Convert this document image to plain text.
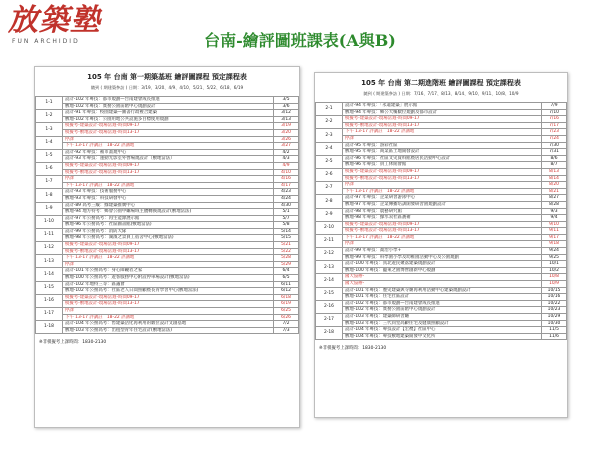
放築塾
FUN ARCHIDID	台南-繪評圖班課表(A與B)
105 年 台南 第一期築基班 繪評圖課程 預定課程表
隨到 ( 期建築參訪 ) 日期：3/19、3/20、4/9、4/10、5/21、5/22、6/18、6/19
1-1	設計-102 年專技：都市規劃—台南建會成長推進	3/5
	敷地-102 年專技：實務公園前階中心規劃設計	3/6
1-2	設計-91 年專技：校園建築—圖書行政複合建築	3/12
	敷地-102 年專技：公園用地公共設施多目標使用規劃	3/13
1-3	模擬考-建築設計-現場當週-時間09-17	3/19
	模擬考-敷地設計-現場當週-時間13-17	3/20
1-4	停課	3/26
	下午 13-17 評講註　18-22 評講地	3/27
1-5	設計-92 年專技：補市畫規中心	4/2
	設計-93 年專技：運動光影室外營場規設計（敷地當法）	4/3
1-6	模擬考-建築設計-現場當週-時間09-17	4/9
	模擬考-敷地設計-現場當週-時間13-17	4/10
1-7	停課	4/16
	下午 13-17 評講註　18-22 評講地	4/17
1-8	設計-93 年專技：技術服務中心	4/23
	敷地-93 年專技：科技研發中心	4/24
1-9	設計-89 高考三級：綠建築推廣中心	4/30
	敷地-94 地方特考：鄉會公園中繼場域主體轉換規設計(敷地當法)	5/1
1-10	設計-97 年公務高考：再生能源展示館	5/7
	敷地-96 年公務高考：社區圖書館(敷地當法)	5/8
1-11	設計-99 年公務高考：消防大隊	5/14
	敷地-98 年公務高考：湖濱之景員工宿舍中心(敷地當法)	5/15
1-12	模擬考-建築設計-現場當週-時間09-17	5/21
	模擬考-敷地設計-現場當週-時間13-17	5/22
1-13	下午 13-17 評講註　18-22 評講地	5/28
	停課	5/29
1-14	設計-101 年公務高考：身心障礙者之家	6/4
	敷地-100 年公務高考：遊客服務中心附設停車場設計(敷地當法)	6/5
1-15	設計-102 年地特三等：區議會	6/11
	敷地-102 年公務高考：社區老人日間照顧暨長青學習中心(敷地當法)	6/12
1-16	模擬考-建築設計-現場當週-時間09-17	6/18
	模擬考-敷地設計-現場當週-時間13-17	6/19
1-17	停課	6/25
	下午 13-17 評講註　18-22 評講地	6/26
1-18	設計-104 年公務高考：售建築活化再利用的數位設計文創基地	7/2
	敷地-103 年公務高考：出租型青年住宅設計(敷地當法)	7/3
※非模擬考上課時間：1830-2130
105 年 台南 第二期進階班 繪評圖課程 預定課程表
隨到 ( 期建築參訪 ) 日期：7/16、7/17、8/13、8/14、9/10、9/11、10/8、10/9
2-1	設計-94 年專技：「永遠建築」展示館	7/9
	敷地-94 年專技：鄉公大樓數位規劃及都市設計	7/10
2-2	模擬考-建築設計-現場當週-時間09-17	7/16
	模擬考-敷地設計-現場當週-時間13-17	7/17
2-3	下午 13-17 評講註　18-22 評講地	7/23
	停課	7/24
2-4	設計-95 年專技：游彩社區	7/30
	敷地-95 年專技：商業區土地開發設計	7/31
2-5	設計-96 年專技：社區文史資料館暨居民活動中心設計	8/6
	敷地-96 年專技：員工休閒會館	8/7
2-6	模擬考-建築設計-現場當週-時間09-17	8/13
	模擬考-敷地設計-現場當週-時間13-17	8/14
2-7	停課	8/20
	下午 13-17 評講註　18-22 評講地	8/21
2-8	設計-97 年專技：企業研習游泳中心	8/27
	敷地-97 年專技：企業傳播培訓開發研習園規劃設計	8/28
2-9	設計-98 年專技：農藝研究館	9/3
	敷地-98 年專技：綠水双社區護衛	9/4
2-10	模擬考-建築設計-現場當週-時間09-17	9/10
	模擬考-敷地設計-現場當週-時間13-17	9/11
2-11	下午 13-17 評講註　18-22 評講地	9/17
	停課	9/18
2-12	設計-99 年專技：喬治小學+	9/24
	敷地-99 年專技：科學園小學及幼稚園活動中心及公園規劃	9/25
2-13	設計-100 年專技：真北遊民聚落建築規劃設計	10/1
	敷地-100 年專技：蘊萊之園博營創新中心規劃	10/2
2-14	國大協辦-	10/8
	國大協辦-	10/9
2-15	設計-101 年專技：歷史建築與寺廟再利用活動中心建築規劃設計	10/15
	敷地-101 年專技：住宅社區設計	10/16
2-16	設計-102 年專技：都市規劃—台南建會成長推進	10/22
	敷地-102 年專技：實務公園前階中心規劃設計	10/23
2-17	設計-103 年專技：建築師研習廳	10/29
	敷地-103 年專技：三代同堂高齡住宅及健康照顧設計	10/30
2-18	設計-104 年專技：專技設計【宏禮】社區中心	11/5
	敷地-104 年專技：專技敷地建築開發中文化所	11/6
※非模擬考上課時間：1830-2130
